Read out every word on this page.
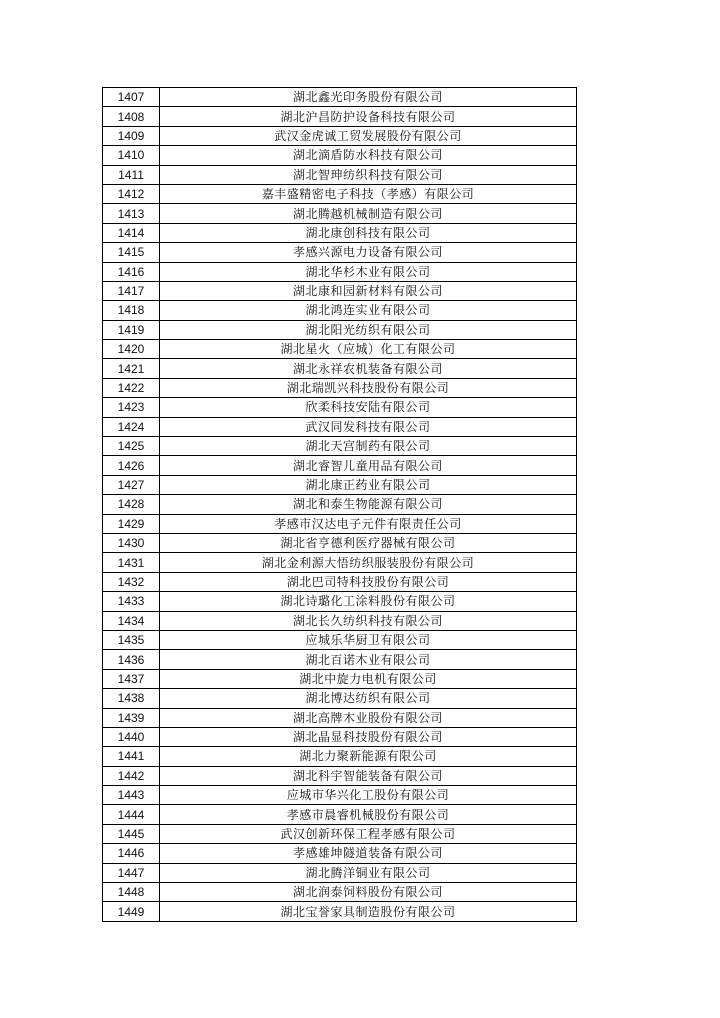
1407	湖北鑫光印务股份有限公司
1408	湖北沪昌防护设备科技有限公司
1409	武汉金虎诚工贸发展股份有限公司
1410	湖北滴盾防水科技有限公司
1411	湖北智珅纺织科技有限公司
1412	嘉丰盛精密电子科技（孝感）有限公司
1413	湖北腾越机械制造有限公司
1414	湖北康创科技有限公司
1415	孝感兴源电力设备有限公司
1416	湖北华杉木业有限公司
1417	湖北康和园新材料有限公司
1418	湖北鸿连实业有限公司
1419	湖北阳光纺织有限公司
1420	湖北星火（应城）化工有限公司
1421	湖北永祥农机装备有限公司
1422	湖北瑞凯兴科技股份有限公司
1423	欣柔科技安陆有限公司
1424	武汉同发科技有限公司
1425	湖北天宫制药有限公司
1426	湖北睿智儿童用品有限公司
1427	湖北康正药业有限公司
1428	湖北和泰生物能源有限公司
1429	孝感市汉达电子元件有限责任公司
1430	湖北省亨德利医疗器械有限公司
1431	湖北金利源大悟纺织服装股份有限公司
1432	湖北巴司特科技股份有限公司
1433	湖北诗璐化工涂料股份有限公司
1434	湖北长久纺织科技有限公司
1435	应城乐华厨卫有限公司
1436	湖北百诺木业有限公司
1437	湖北中旋力电机有限公司
1438	湖北博达纺织有限公司
1439	湖北高牌木业股份有限公司
1440	湖北晶显科技股份有限公司
1441	湖北力聚新能源有限公司
1442	湖北科宇智能装备有限公司
1443	应城市华兴化工股份有限公司
1444	孝感市晨睿机械股份有限公司
1445	武汉创新环保工程孝感有限公司
1446	孝感雄坤隧道装备有限公司
1447	湖北腾洋铜业有限公司
1448	湖北润泰饲料股份有限公司
1449	湖北宝誉家具制造股份有限公司
